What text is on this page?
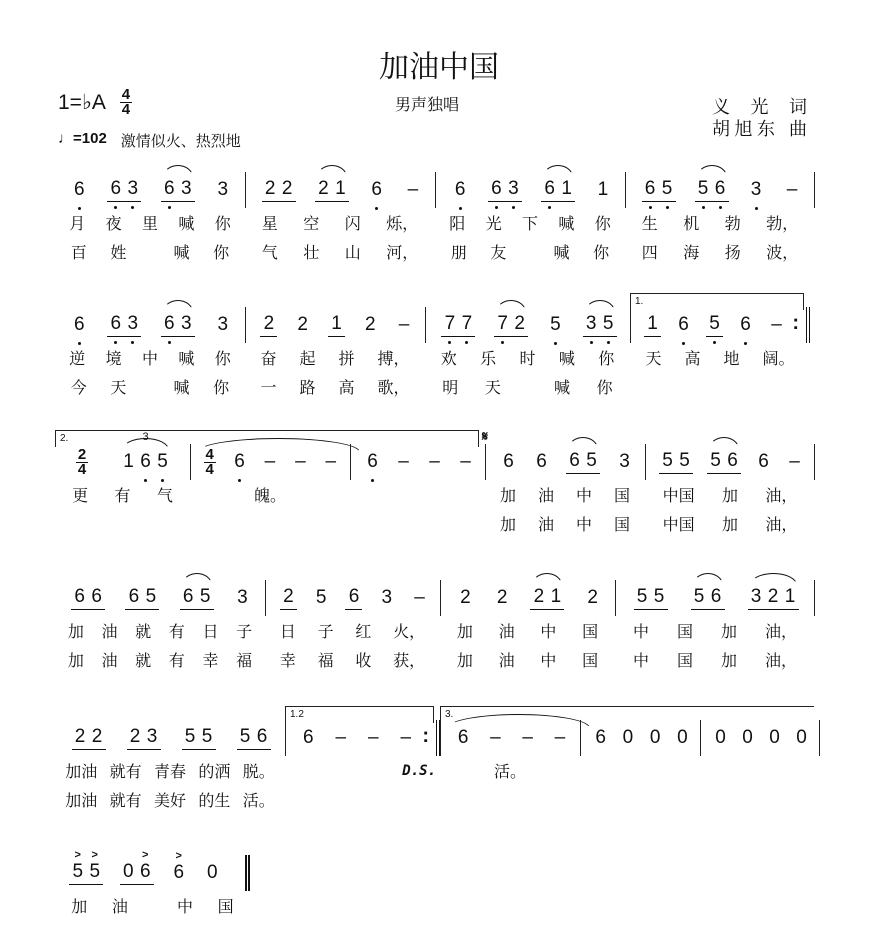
加油中国
1=♭A $\frac{4}{4}$	男声独唱	义 光 词
胡旭东 曲
♩=102 激情似火、热烈地
6 6 3 6 3 3
月 夜 里 喊 你
百 姓	喊 你
2 2 2 1 6 –
星 空 闪 烁，
气 壮 山 河，
6 6 3 6 1 1
阳 光 下 喊 你
朋 友	喊 你
6 5 5 6 3 –
生 机 勃 勃，
四 海 扬 波，
6 6 3 6 3 3
逆 境 中 喊 你
今 天	喊 你
2 2 1 2 –
奋 起 拼 搏，
一 路 高 歌，
7 7 7 2 5 3 5
欢 乐 时 喊 你
明 天	喊 你
1 6 5 6 –
:
天 高 地 阔。
1.
$\frac{2}{4} 1$ 6 5
3
更 有 气
$\frac{4}{4} 6$ – – –
魄。
6 – – –
𝄋
6 6 6 5 3
加 油 中 国
加 油 中 国
5 5 5 6 6 –
中国 加 油，
中国 加 油，
2.
6 6 6 5 6 5 3
加 油 就 有 日 子
加 油 就 有 幸 福
2 5 6 3 –
日 子 红 火，
幸 福 收 获，
2 2 2 1 2
加 油 中 国
加 油 中 国
5 5 5 6 3 2 1
中 国 加 油，
中 国 加 油，
2 2 2 3 5 5 5 6
加油 就有 青春 的洒 脱。
加油 就有 美好 的生 活。
6 – – –
:
D.S.
6 – – –
活。
6 0 0 0 0 0 0 0
1.2	3.
5
>
5
>
0 6
>
6
>
0
加 油	中 国
